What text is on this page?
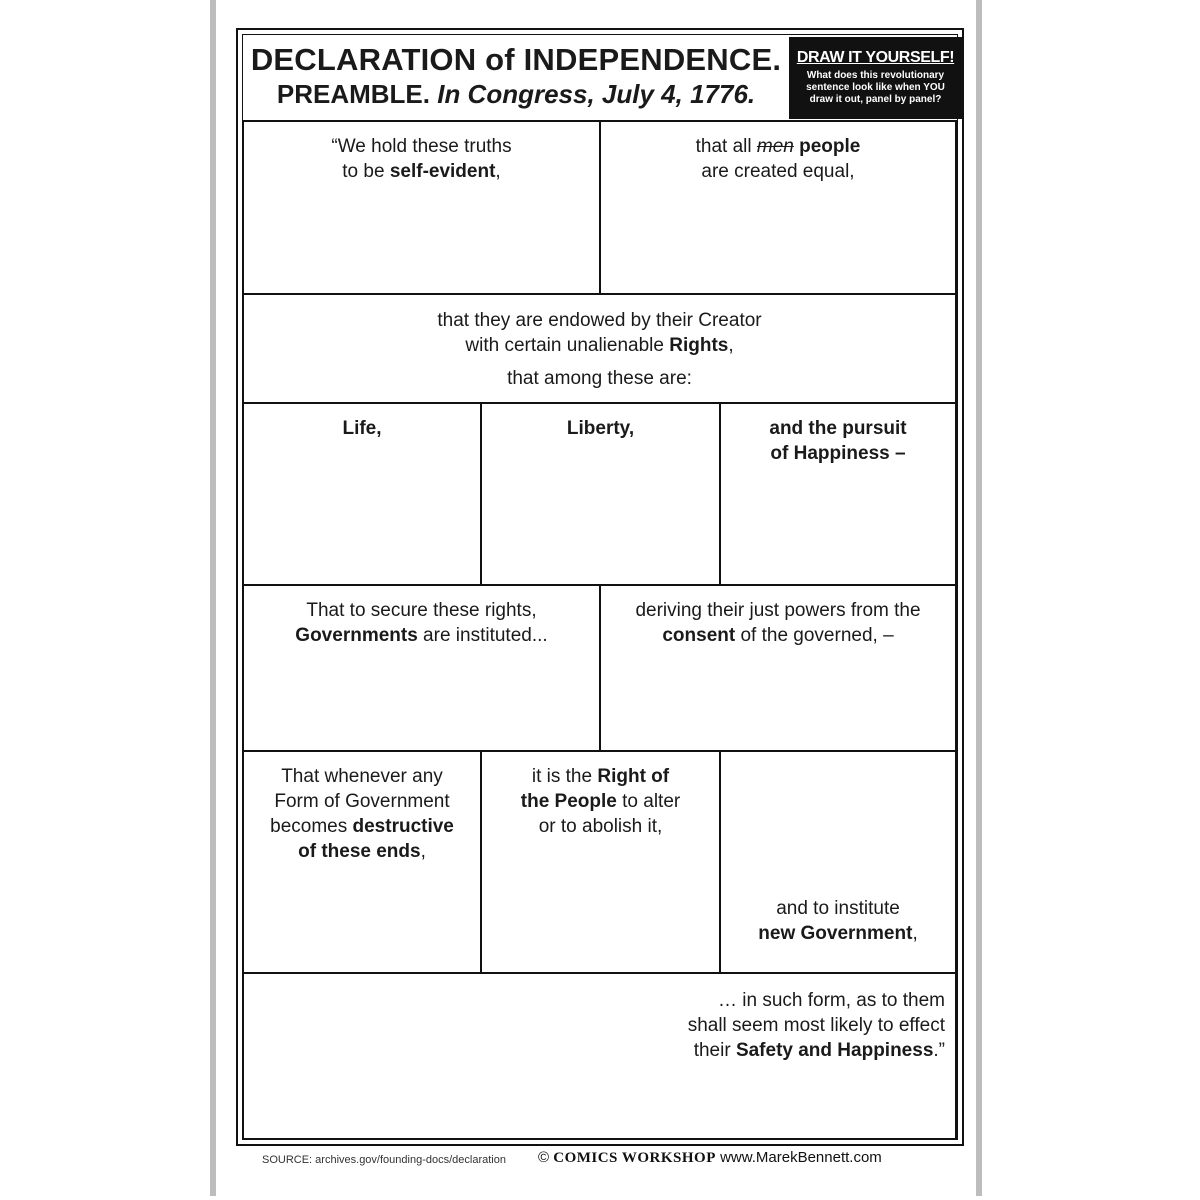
DECLARATION of INDEPENDENCE.
PREAMBLE. In Congress, July 4, 1776.
DRAW IT YOURSELF!
What does this revolutionary
sentence look like when YOU
draw it out, panel by panel?
“We hold these truths
to be self-evident,
that all men people
are created equal,
that they are endowed by their Creator
with certain unalienable Rights,
that among these are:
Life,	Liberty,	and the pursuit
of Happiness –
That to secure these rights,
Governments are instituted...
deriving their just powers from the
consent of the governed, –
That whenever any
Form of Government
becomes destructive
of these ends,
it is the Right of
the People to alter
or to abolish it,
and to institute
new Government,
… in such form, as to them
shall seem most likely to effect
their Safety and Happiness.”
SOURCE: archives.gov/founding-docs/declaration © COMICS WORKSHOP www.MarekBennett.com
